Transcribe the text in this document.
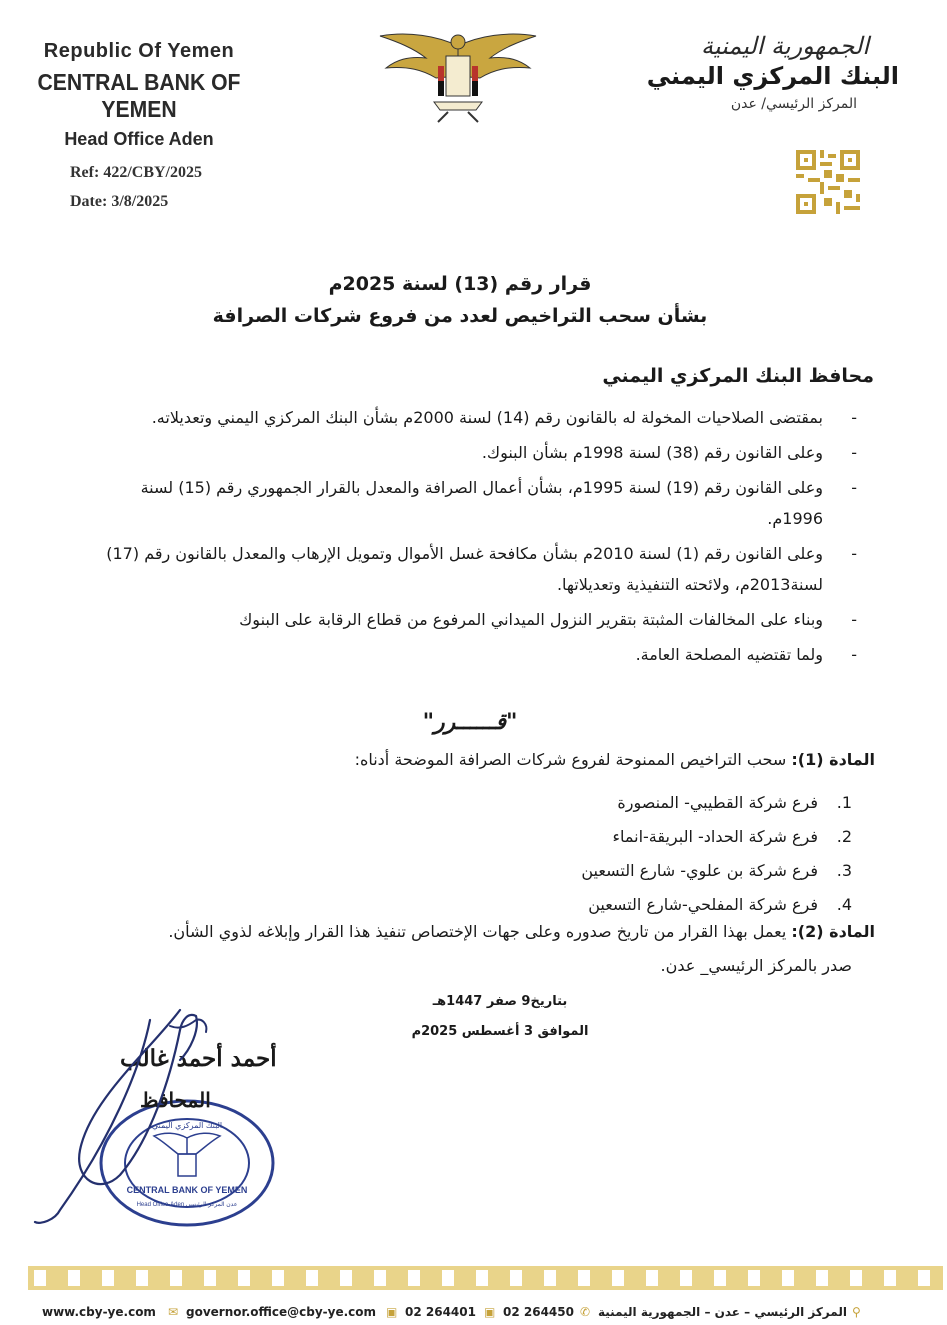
Republic Of Yemen
CENTRAL BANK OF YEMEN
Head Office Aden
Ref: 422/CBY/2025
Date: 3/8/2025
الجمهورية اليمنية
البنك المركزي اليمني
المركز الرئيسي/ عدن
قرار رقم (13) لسنة 2025م
بشأن سحب التراخيص لعدد من فروع شركات الصرافة
محافظ البنك المركزي اليمني
-
بمقتضى الصلاحيات المخولة له بالقانون رقم (14) لسنة 2000م بشأن البنك المركزي اليمني وتعديلاته.
-
وعلى القانون رقم (38) لسنة 1998م بشأن البنوك.
-
وعلى القانون رقم (19) لسنة 1995م، بشأن أعمال الصرافة والمعدل بالقرار الجمهوري رقم (15) لسنة 1996م.
-
وعلى القانون رقم (1) لسنة 2010م بشأن مكافحة غسل الأموال وتمويل الإرهاب والمعدل بالقانون رقم (17) لسنة2013م، ولائحته التنفيذية وتعديلاتها.
-
وبناء على المخالفات المثبتة بتقرير النزول الميداني المرفوع من قطاع الرقابة على البنوك
-
ولما تقتضيه المصلحة العامة.
"قــــــرر"
المادة (1): سحب التراخيص الممنوحة لفروع شركات الصرافة الموضحة أدناه:
1.
فرع شركة القطيبي- المنصورة
2.
فرع شركة الحداد- البريقة-انماء
3.
فرع شركة بن علوي- شارع التسعين
4.
فرع شركة المفلحي-شارع التسعين
المادة (2): يعمل بهذا القرار من تاريخ صدوره وعلى جهات الإختصاص تنفيذ هذا القرار وإبلاغه لذوي الشأن.
صدر بالمركز الرئيسي_ عدن.
بتاريخ9 صفر 1447هـ
الموافق 3 أغسطس 2025م
CENTRAL BANK OF YEMEN
Head Office-Aden عدن المركز الرئيسي
البنك المركزي اليمني
أحمد أحمد غالب
المحافظ
www.cby-ye.com ✉ governor.office@cby-ye.com ▣ 02 264401 ▣ 02 264450 ✆ المركز الرئيسي – عدن – الجمهورية اليمنية ⚲
